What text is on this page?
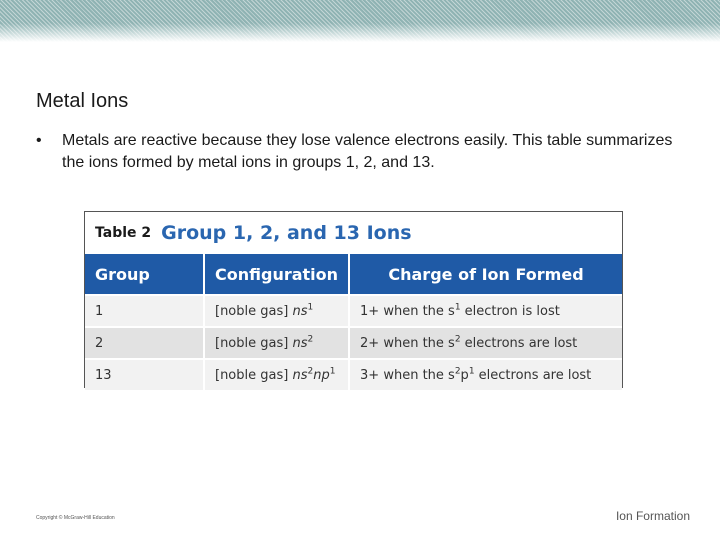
Metal Ions
•	Metals are reactive because they lose valence electrons easily. This table summarizes the ions formed by metal ions in groups 1, 2, and 13.
Table 2 Group 1, 2, and 13 Ions
Group	Configuration	Charge of Ion Formed
1	[noble gas] $ns^1$	1+ when the $s^1$ electron is lost
2	[noble gas] $ns^2$	2+ when the $s^2$ electrons are lost
13	[noble gas] $ns^2np^1$	3+ when the $s^2p^1$ electrons are lost
Copyright © McGraw-Hill Education	Ion Formation
